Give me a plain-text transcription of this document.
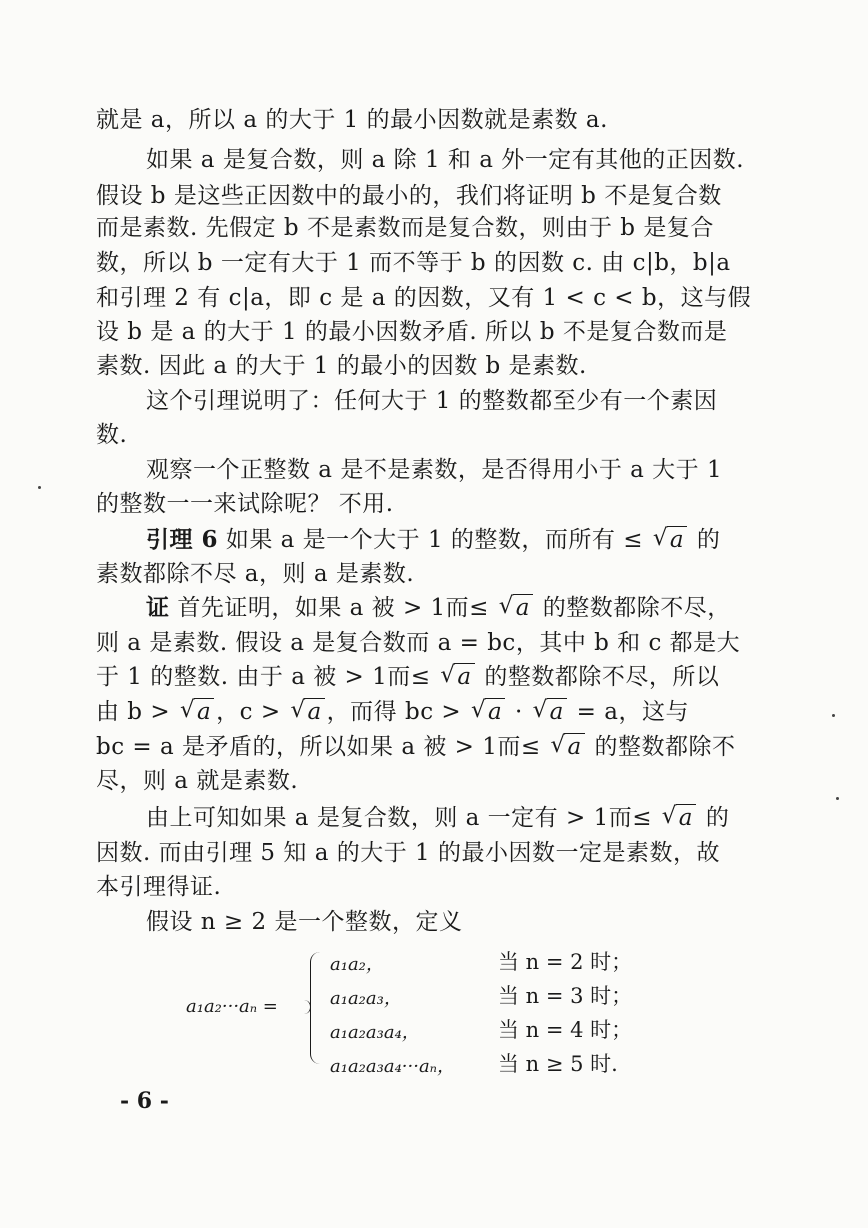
就是 a，所以 a 的大于 1 的最小因数就是素数 a.
如果 a 是复合数，则 a 除 1 和 a 外一定有其他的正因数.
假设 b 是这些正因数中的最小的，我们将证明 b 不是复合数
而是素数. 先假定 b 不是素数而是复合数，则由于 b 是复合
数，所以 b 一定有大于 1 而不等于 b 的因数 c. 由 c|b，b|a
和引理 2 有 c|a，即 c 是 a 的因数，又有 1 < c < b，这与假
设 b 是 a 的大于 1 的最小因数矛盾. 所以 b 不是复合数而是
素数. 因此 a 的大于 1 的最小的因数 b 是素数.
这个引理说明了：任何大于 1 的整数都至少有一个素因
数.
观察一个正整数 a 是不是素数，是否得用小于 a 大于 1
的整数一一来试除呢？ 不用.
引理 6 如果 a 是一个大于 1 的整数，而所有 ≤ √ a 的
素数都除不尽 a，则 a 是素数.
证 首先证明，如果 a 被 > 1而≤ √ a 的整数都除不尽，
则 a 是素数. 假设 a 是复合数而 a = bc，其中 b 和 c 都是大
于 1 的整数. 由于 a 被 > 1而≤ √ a 的整数都除不尽，所以
由 b > √ a ，c > √ a ，而得 bc > √ a · √ a = a，这与
bc = a 是矛盾的，所以如果 a 被 > 1而≤ √ a 的整数都除不
尽，则 a 就是素数.
由上可知如果 a 是复合数，则 a 一定有 > 1而≤ √ a 的
因数. 而由引理 5 知 a 的大于 1 的最小因数一定是素数，故
本引理得证.
假设 n ≥ 2 是一个整数，定义
a₁a₂···aₙ =
a₁a₂，	当 n = 2 时；
a₁a₂a₃，	当 n = 3 时；
a₁a₂a₃a₄，	当 n = 4 时；
a₁a₂a₃a₄···aₙ， 当 n ≥ 5 时.
- 6 -
